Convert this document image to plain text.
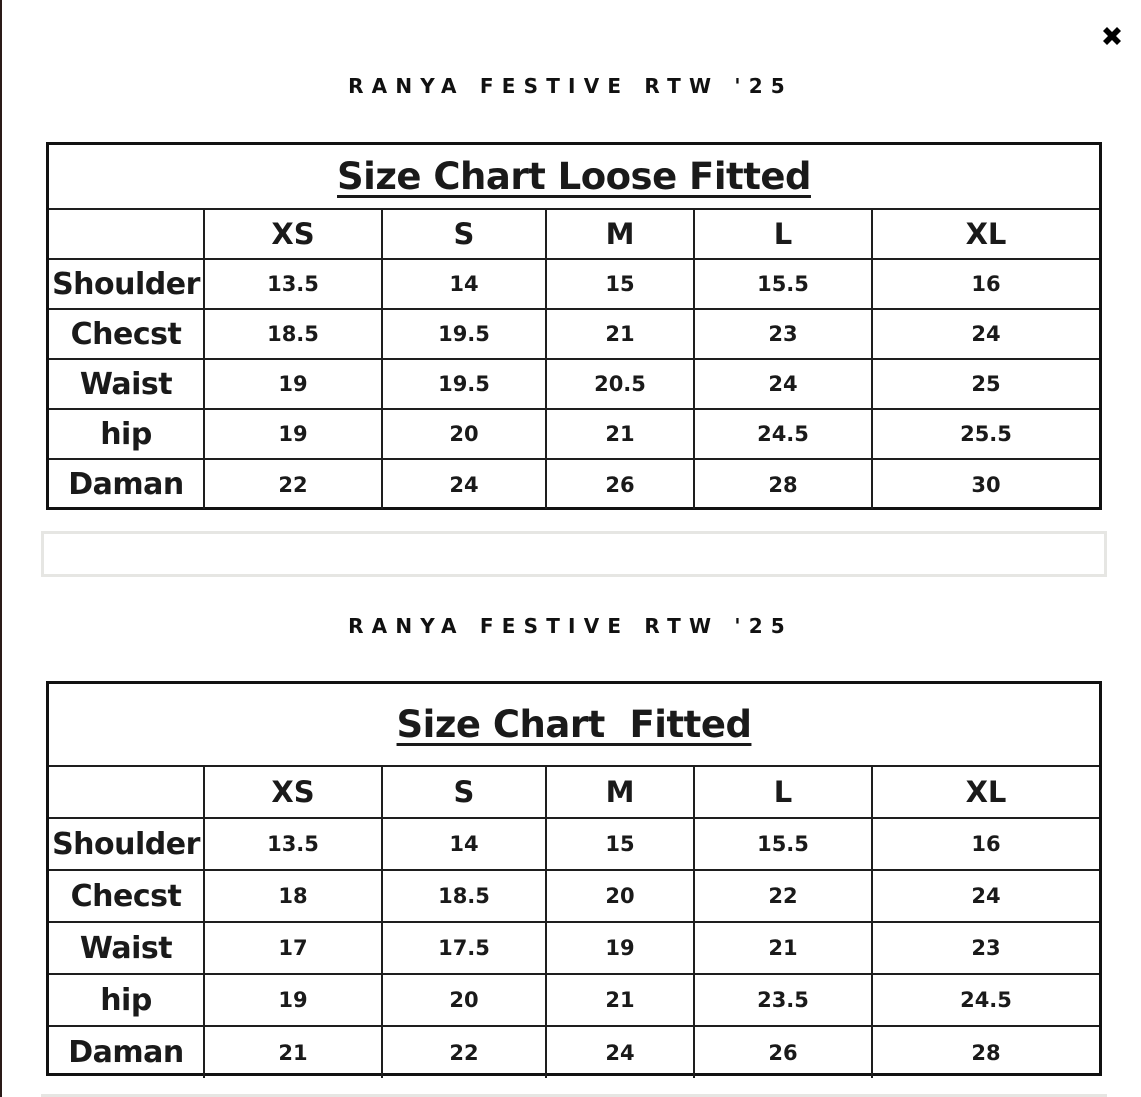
RANYA FESTIVE RTW '25
Size Chart Loose Fitted					
	XS	S	M	L	XL
Shoulder	13.5	14	15	15.5	16
Checst	18.5	19.5	21	23	24
Waist	19	19.5	20.5	24	25
hip	19	20	21	24.5	25.5
Daman	22	24	26	28	30
RANYA FESTIVE RTW '25
Size Chart  Fitted					
	XS	S	M	L	XL
Shoulder	13.5	14	15	15.5	16
Checst	18	18.5	20	22	24
Waist	17	17.5	19	21	23
hip	19	20	21	23.5	24.5
Daman	21	22	24	26	28
